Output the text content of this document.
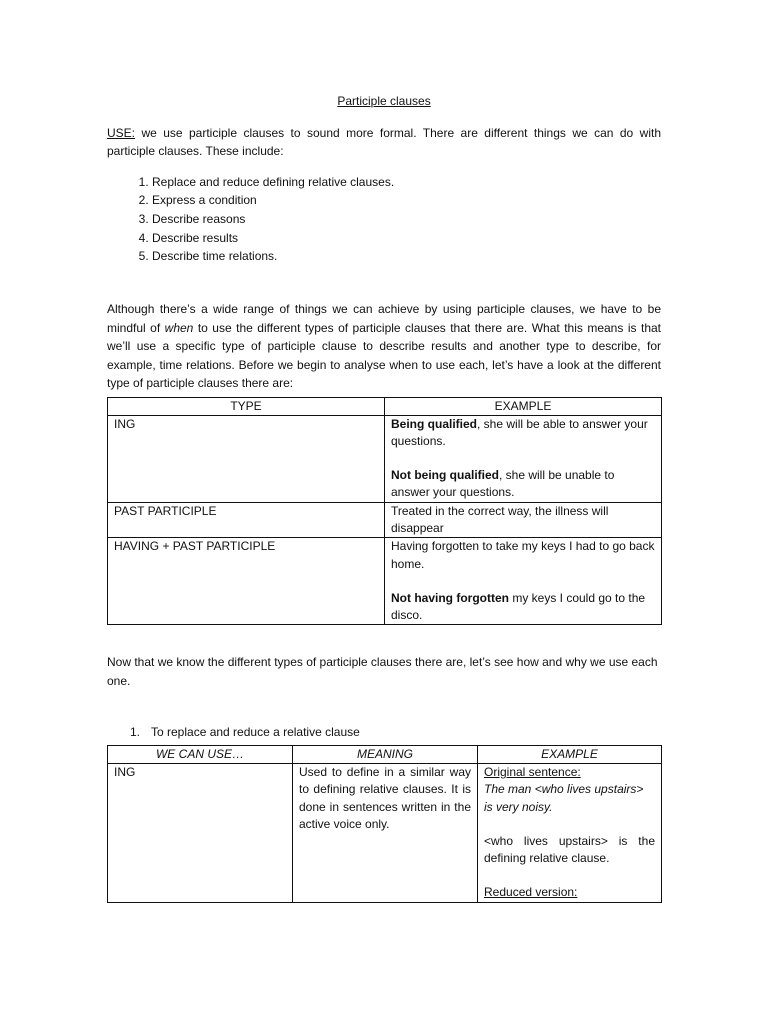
Participle clauses

USE: we use participle clauses to sound more formal. There are different things we can do with participle clauses. These include:

1. Replace and reduce defining relative clauses.
2. Express a condition
3. Describe reasons
4. Describe results
5. Describe time relations.

Although there’s a wide range of things we can achieve by using participle clauses, we have to be mindful of when to use the different types of participle clauses that there are. What this means is that we’ll use a specific type of participle clause to describe results and another type to describe, for example, time relations. Before we begin to analyse when to use each, let’s have a look at the different type of participle clauses there are:

TYPE	EXAMPLE
ING	Being qualified, she will be able to answer your questions.
Not being qualified, she will be unable to answer your questions.

PAST PARTICIPLE	Treated in the correct way, the illness will disappear

HAVING + PAST PARTICIPLE	Having forgotten to take my keys I had to go back home.
Not having forgotten my keys I could go to the disco.

Now that we know the different types of participle clauses there are, let’s see how and why we use each one.

1. To replace and reduce a relative clause
WE CAN USE…	MEANING	EXAMPLE
ING	Used to define in a similar way to defining relative clauses. It is done in sentences written in the active voice only.	Original sentence:
The man <who lives upstairs> is very noisy.
<who lives upstairs> is the defining relative clause.
Reduced version:
